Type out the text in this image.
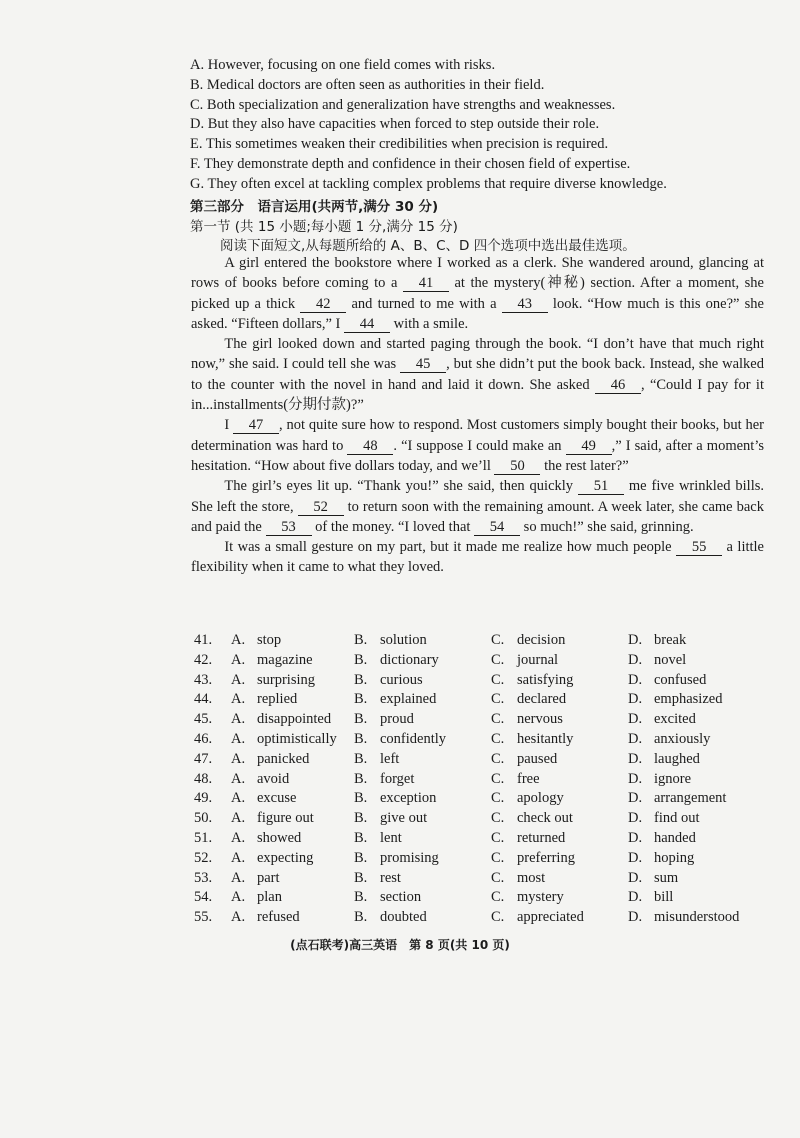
A. However, focusing on one field comes with risks.
B. Medical doctors are often seen as authorities in their field.
C. Both specialization and generalization have strengths and weaknesses.
D. But they also have capacities when forced to step outside their role.
E. This sometimes weaken their credibilities when precision is required.
F. They demonstrate depth and confidence in their chosen field of expertise.
G. They often excel at tackling complex problems that require diverse knowledge.
第三部分　语言运用(共两节,满分 30 分)
第一节 (共 15 小题;每小题 1 分,满分 15 分)
阅读下面短文,从每题所给的 A、B、C、D 四个选项中选出最佳选项。

A girl entered the bookstore where I worked as a clerk. She wandered around, glancing at rows of books before coming to a 41 at the mystery(神秘) section. After a moment, she picked up a thick 42 and turned to me with a 43 look. “How much is this one?” she asked. “Fifteen dollars,” I 44 with a smile.

The girl looked down and started paging through the book. “I don’t have that much right now,” she said. I could tell she was 45 , but she didn’t put the book back. Instead, she walked to the counter with the novel in hand and laid it down. She asked 46 , “Could I pay for it in...installments(分期付款)?”

I 47 , not quite sure how to respond. Most customers simply bought their books, but her determination was hard to 48 . “I suppose I could make an 49 ,” I said, after a moment’s hesitation. “How about five dollars today, and we’ll 50 the rest later?”

The girl’s eyes lit up. “Thank you!” she said, then quickly 51 me five wrinkled bills. She left the store, 52 to return soon with the remaining amount. A week later, she came back and paid the 53 of the money. “I loved that 54 so much!” she said, grinning.

It was a small gesture on my part, but it made me realize how much people 55 a little flexibility when it came to what they loved.

41. A. stop	B. solution	C. decision	D. break
42. A. magazine	B. dictionary	C. journal	D. novel
43. A. surprising	B. curious	C. satisfying	D. confused
44. A. replied	B. explained	C. declared	D. emphasized
45. A. disappointed B. proud	C. nervous	D. excited
46. A. optimistically B. confidently	C. hesitantly	D. anxiously
47. A. panicked	B. left	C. paused	D. laughed
48. A. avoid	B. forget	C. free	D. ignore
49. A. excuse	B. exception	C. apology	D. arrangement
50. A. figure out	B. give out	C. check out	D. find out
51. A. showed	B. lent	C. returned	D. handed
52. A. expecting	B. promising	C. preferring	D. hoping
53. A. part	B. rest	C. most	D. sum
54. A. plan	B. section	C. mystery	D. bill
55. A. refused	B. doubted	C. appreciated	D. misunderstood
(点石联考)高三英语　第 8 页(共 10 页)
